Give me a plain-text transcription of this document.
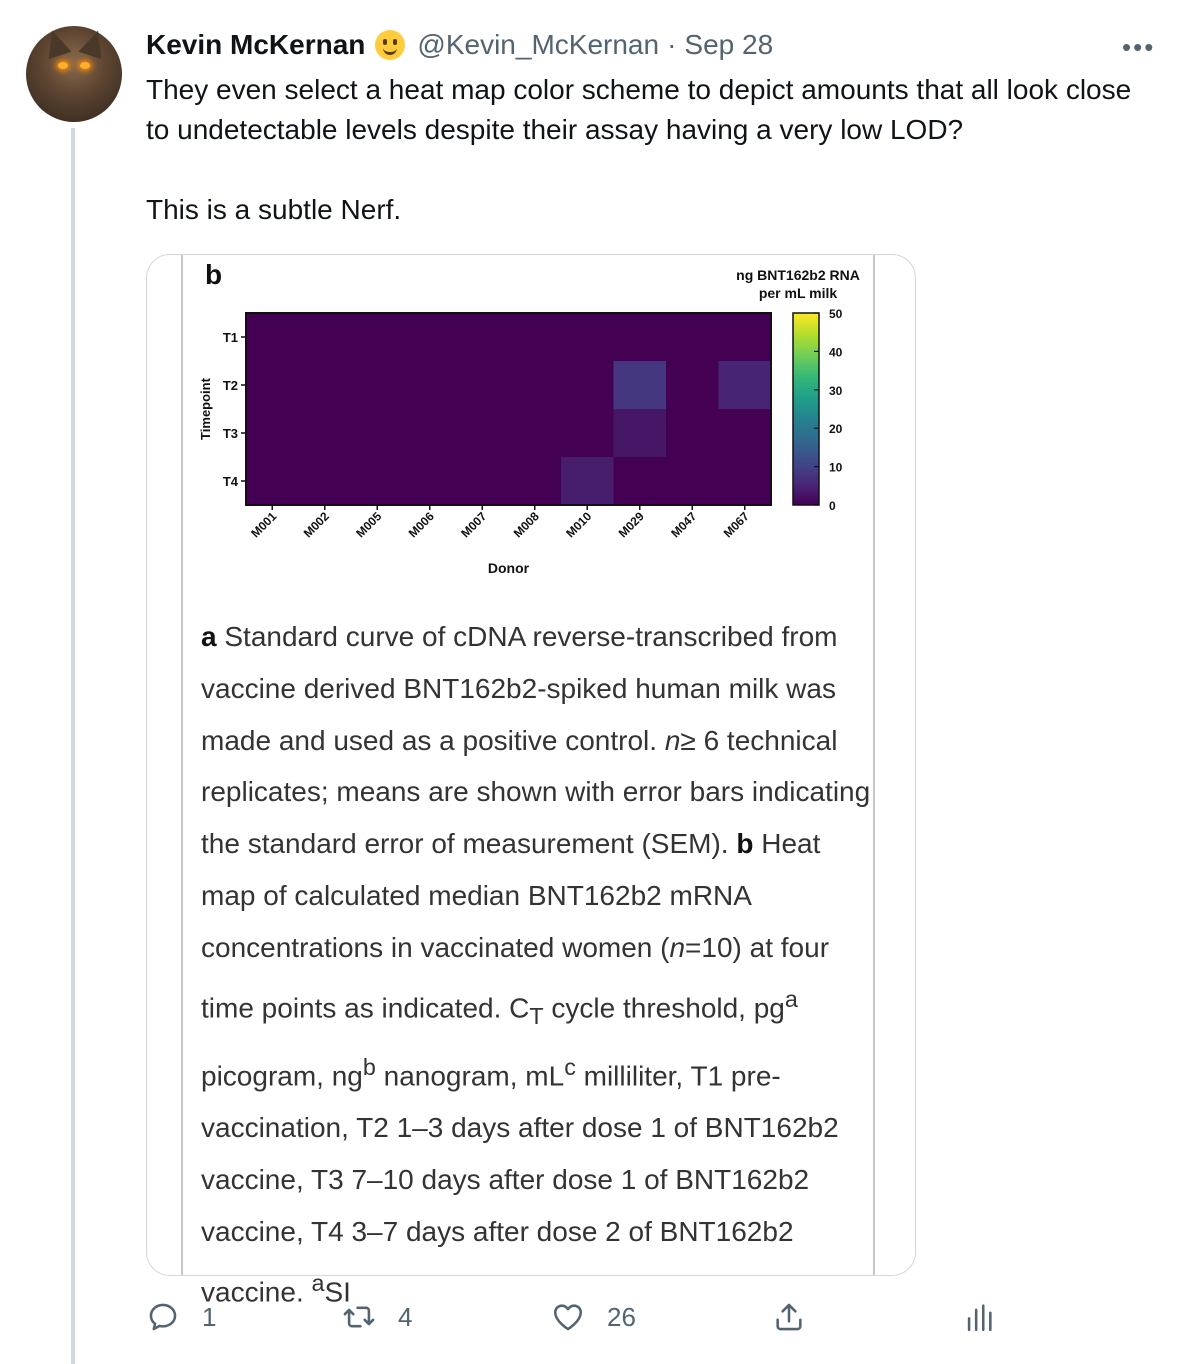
Kevin McKernan @Kevin_McKernan · Sep 28	•••

They even select a heat map color scheme to depict amounts that all look close to undetectable levels despite their assay having a very low LOD?

This is a subtle Nerf.

b	ng BNT162b2 RNA
per mL milk
T1
T2
T3
T4
Timepoint
M001 M002 M005 M006 M007 M008 M010 M029 M047 M067
Donor
0
10
20
30
40
50
a Standard curve of cDNA reverse-transcribed from vaccine derived BNT162b2-spiked human milk was made and used as a positive control. n≥ 6 technical replicates; means are shown with error bars indicating the standard error of measurement (SEM). b Heat map of calculated median BNT162b2 mRNA concentrations in vaccinated women (n=10) at four time points as indicated. $C_T$ cycle threshold, $pg^a$ picogram, $ng^b$ nanogram, $mL^c$ milliliter, T1 pre-vaccination, T2 1–3 days after dose 1 of BNT162b2 vaccine, T3 7–10 days after dose 1 of BNT162b2 vaccine, T4 3–7 days after dose 2 of BNT162b2 vaccine. $^a$SI
1	4	26
